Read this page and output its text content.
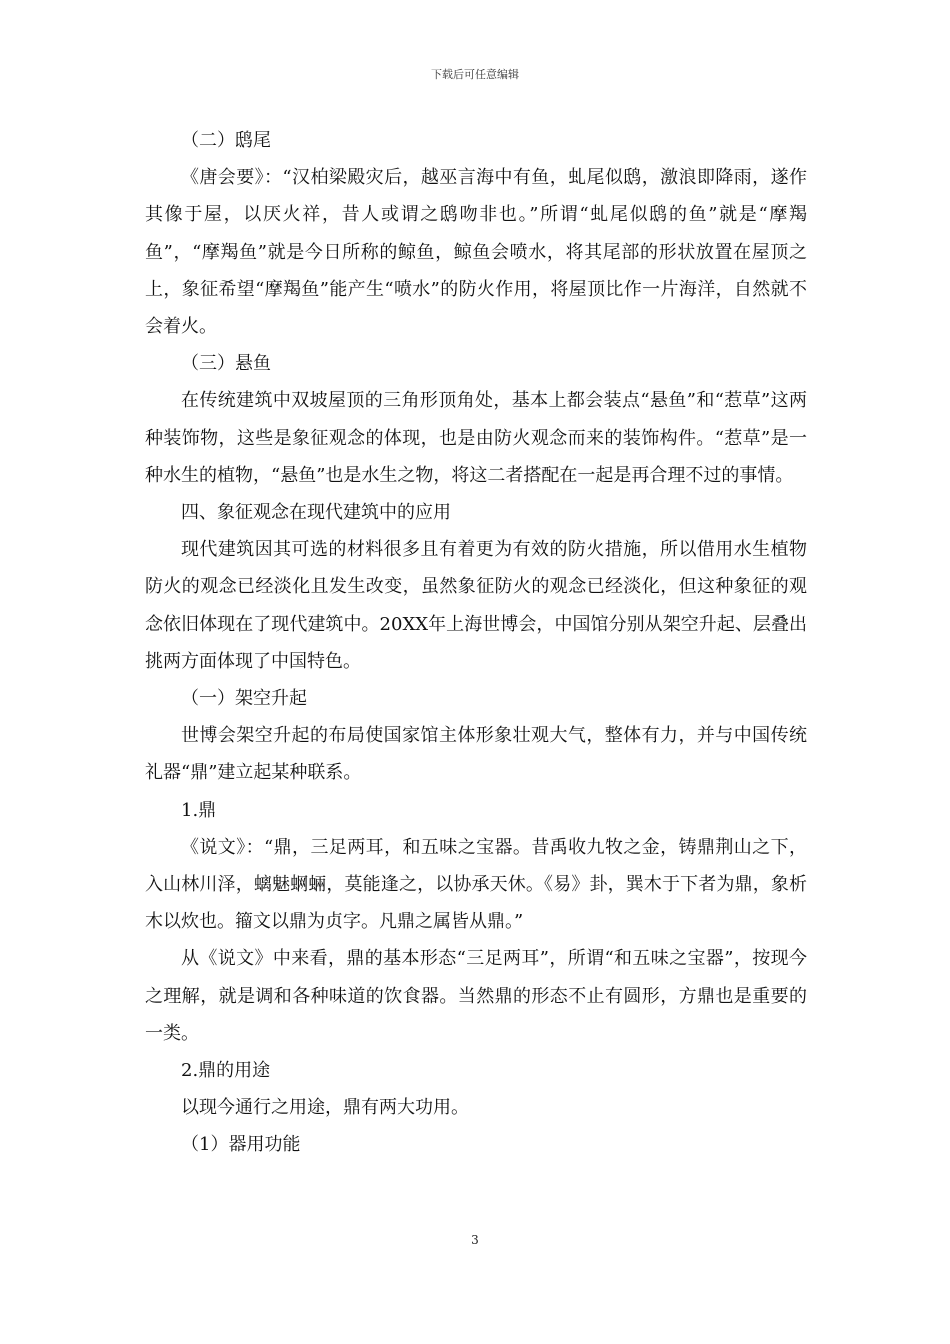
下载后可任意编辑

（二）鸱尾

《唐会要》：“汉柏梁殿灾后，越巫言海中有鱼，虬尾似鸱，激浪即降雨，遂作其像于屋，以厌火祥，昔人或谓之鸱吻非也。”所谓“虬尾似鸱的鱼”就是“摩羯鱼”，“摩羯鱼”就是今日所称的鲸鱼，鲸鱼会喷水，将其尾部的形状放置在屋顶之上，象征希望“摩羯鱼”能产生“喷水”的防火作用，将屋顶比作一片海洋，自然就不会着火。

（三）悬鱼

在传统建筑中双坡屋顶的三角形顶角处，基本上都会装点“悬鱼”和“惹草”这两种装饰物，这些是象征观念的体现，也是由防火观念而来的装饰构件。“惹草”是一种水生的植物，“悬鱼”也是水生之物，将这二者搭配在一起是再合理不过的事情。

四、象征观念在现代建筑中的应用

现代建筑因其可选的材料很多且有着更为有效的防火措施，所以借用水生植物防火的观念已经淡化且发生改变，虽然象征防火的观念已经淡化，但这种象征的观念依旧体现在了现代建筑中。20XX年上海世博会，中国馆分别从架空升起、层叠出挑两方面体现了中国特色。

（一）架空升起

世博会架空升起的布局使国家馆主体形象壮观大气，整体有力，并与中国传统礼器“鼎”建立起某种联系。

1.鼎

《说文》：“鼎，三足两耳，和五味之宝器。昔禹收九牧之金，铸鼎荆山之下，入山林川泽，螭魅蛧蜽，莫能逢之，以协承天休。《易》卦，巽木于下者为鼎，象析木以炊也。籀文以鼎为贞字。凡鼎之属皆从鼎。”

从《说文》中来看，鼎的基本形态“三足两耳”，所谓“和五味之宝器”，按现今之理解，就是调和各种味道的饮食器。当然鼎的形态不止有圆形，方鼎也是重要的一类。

2.鼎的用途

以现今通行之用途，鼎有两大功用。

（1）器用功能

3
